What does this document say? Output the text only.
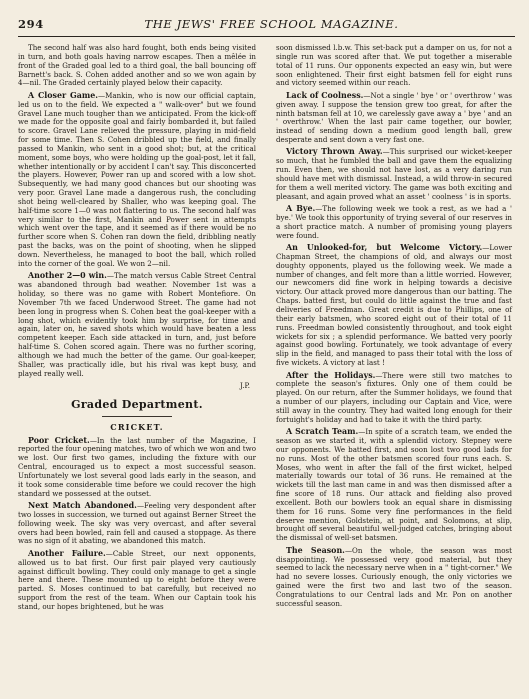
294	THE JEWS' FREE SCHOOL MAGAZINE.

The second half was also hard fought, both ends being visited in turn, and both goals having narrow escapes. Then a mêlée in front of the Graded goal led to a third goal, the ball bouncing off Barnett's back. S. Cohen added another and so we won again by 4—nil. The Graded certainly played below their capacity.

A Closer Game.—Mankin, who is now our official captain, led us on to the field. We expected a " walk-over" but we found Gravel Lane much tougher than we anticipated. From the kick-off we made for the opposite goal and fairly bombarded it, but failed to score. Gravel Lane relieved the pressure, playing in mid-field for some time. Then S. Cohen dribbled up the field, and finally passed to Mankin, who sent in a good shot; but, at the critical moment, some boys, who were holding up the goal-post, let it fall, whether intentionally or by accident I can't say. This disconcerted the players. However, Power ran up and scored with a low shot. Subsequently, we had many good chances but our shooting was very poor. Gravel Lane made a dangerous rush, the concluding shot being well-cleared by Shaller, who was keeping goal. The half-time score 1—0 was not flattering to us. The second half was very similar to the first, Mankin and Power sent in attempts which went over the tape, and it seemed as if there would be no further score when S. Cohen ran down the field, dribbling neatly past the backs, was on the point of shooting, when he slipped down. Nevertheless, he managed to boot the ball, which rolled into the corner of the goal. We won 2—nil.

Another 2—0 win.—The match versus Cable Street Central was abandoned through bad weather. November 1st was a holiday, so there was no game with Robert Montefiore. On November 7th we faced Underwood Street. The game had not been long in progress when S. Cohen beat the goal-keeper with a long shot, which evidently took him by surprise, for time and again, later on, he saved shots which would have beaten a less competent keeper. Each side attacked in turn, and, just before half-time S. Cohen scored again. There was no further scoring, although we had much the better of the game. Our goal-keeper, Shaller, was practically idle, but his rival was kept busy, and played really well.

J.P.
Graded Department.
CRICKET.

Poor Cricket.—In the last number of the Magazine, I reported the four opening matches, two of which we won and two we lost. Our first two games, including the fixture with our Central, encouraged us to expect a most successful season. Unfortunately we lost several good lads early in the season, and it took some considerable time before we could recover the high standard we possessed at the outset.

Next Match Abandoned.—Feeling very despondent after two losses in succession, we turned out against Berner Street the following week. The sky was very overcast, and after several overs had been bowled, rain fell and caused a stoppage. As there was no sign of it abating, we abandoned this match.

Another Failure.—Cable Street, our next opponents, allowed us to bat first. Our first pair played very cautiously against difficult bowling. They could only manage to get a single here and there. These mounted up to eight before they were parted. S. Moses continued to bat carefully, but received no support from the rest of the team. When our Captain took his stand, our hopes brightened, but he was

soon dismissed l.b.w. This set-back put a damper on us, for not a single run was scored after that. We put together a miserable total of 11 runs. Our opponents expected an easy win, but were soon enlightened. Their first eight batsmen fell for eight runs and victory seemed within our reach.

Lack of Coolness.—Not a single ' bye ' or ' overthrow ' was given away. I suppose the tension grew too great, for after the ninth batsman fell at 10, we carelessly gave away a ' bye ' and an ' overthrow.' When the last pair came together, our bowler, instead of sending down a medium good length ball, grew desperate and sent down a very fast one.

Victory Thrown Away.—This surprised our wicket-keeper so much, that he fumbled the ball and gave them the equalizing run. Even then, we should not have lost, as a very daring run should have met with dismissal. Instead, a wild throw-in secured for them a well merited victory. The game was both exciting and pleasant, and again proved what an asset ' coolness ' is in sports.

A Bye.—The following week we took a rest, as we had a ' bye.' We took this opportunity of trying several of our reserves in a short practice match. A number of promising young players were found.

An Unlooked-for, but Welcome Victory.—Lower Chapman Street, the champions of old, and always our most doughty opponents, played us the following week. We made a number of changes, and felt more than a little worried. However, our newcomers did fine work in helping towards a decisive victory. Our attack proved more dangerous than our batting. The Chaps. batted first, but could do little against the true and fast deliveries of Freedman. Great credit is due to Phillips, one of their early batsmen, who scored eight out of their total of 11 runs. Freedman bowled consistently throughout, and took eight wickets for six ; a splendid performance. We batted very poorly against good bowling. Fortunately, we took advantage of every slip in the field, and managed to pass their total with the loss of five wickets. A victory at last !

After the Holidays.—There were still two matches to complete the season's fixtures. Only one of them could be played. On our return, after the Summer holidays, we found that a number of our players, including our Captain and Vice, were still away in the country. They had waited long enough for their fortuight's holiday and had to take it with the third party.

A Scratch Team.—In spite of a scratch team, we ended the season as we started it, with a splendid victory. Stepney were our opponents. We batted first, and soon lost two good lads for no runs. Most of the other batsmen scored four runs each. S. Moses, who went in after the fall of the first wicket, helped materially towards our total of 36 runs. He remained at the wickets till the last man came in and was then dismissed after a fine score of 18 runs. Our attack and fielding also proved excellent. Both our bowlers took an equal share in dismissing them for 16 runs. Some very fine performances in the field deserve mention, Goldstein, at point, and Solomons, at slip, brought off several beautiful well-judged catches, bringing about the dismissal of well-set batsmen.

The Season.—On the whole, the season was most disappointing. We possessed very good material, but they seemed to lack the necessary nerve when in a " tight-corner." We had no severe losses. Curiously enough, the only victories we gained were the first two and last two of the season. Congratulations to our Central lads and Mr. Pon on another successful season.
